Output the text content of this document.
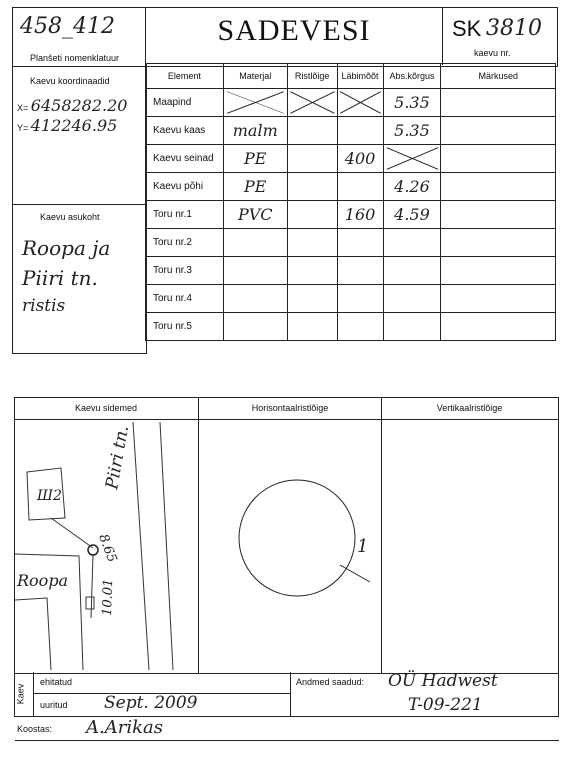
458_412
Planšeti nomenklatuur
SADEVESI	SK 3810
kaevu nr.
Kaevu koordinaadid
X= 6458282.20
Y= 412246.95
Kaevu asukoht
Roopa ja
Piiri tn.
ristis
Element	Materjal	Ristlõige	Läbimõõt	Abs.kõrgus	Märkused
Maapind				5.35	
Kaevu kaas	malm			5.35	
Kaevu seinad	PE		400	

Kaevu põhi	PE			4.26	
Toru nr.1	PVC		160	4.59	
Toru nr.2					
Toru nr.3					
Toru nr.4					
Toru nr.5					
Kaevu sidemed	Horisontaalristlõige	Vertikaalristlõige
Piiri tn.
Roopa
Ш2
8.65
10.01
1
Kaev
ehitatud
uuritud Sept. 2009
Andmed saadud: OÜ Hadwest
T-09-221
Koostas: A.Arikas
